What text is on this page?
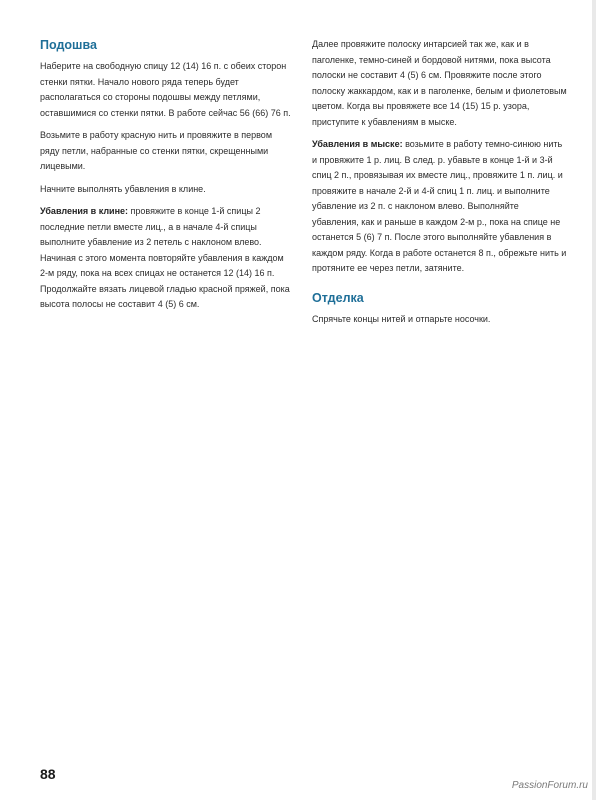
Подошва

Наберите на свободную спицу 12 (14) 16 п. с обеих сторон стенки пятки. Начало нового ряда теперь будет располагаться со стороны подошвы между петлями, оставшимися со стенки пятки. В работе сейчас 56 (66) 76 п.

Возьмите в работу красную нить и провяжите в первом ряду петли, набранные со стенки пятки, скрещенными лицевыми.

Начните выполнять убавления в клине.

Убавления в клине: провяжите в конце 1-й спицы 2 последние петли вместе лиц., а в начале 4-й спицы выполните убавление из 2 петель с наклоном влево. Начиная с этого момента повторяйте убавления в каждом 2-м ряду, пока на всех спицах не останется 12 (14) 16 п. Продолжайте вязать лицевой гладью красной пряжей, пока высота полосы не составит 4 (5) 6 см.

Далее провяжите полоску интарсией так же, как и в паголенке, темно-синей и бордовой нитями, пока высота полоски не составит 4 (5) 6 см. Провяжите после этого полоску жаккардом, как и в паголенке, белым и фиолетовым цветом. Когда вы провяжете все 14 (15) 15 р. узора, приступите к убавлениям в мыске.

Убавления в мыске: возьмите в работу темно-синюю нить и провяжите 1 р. лиц. В след. р. убавьте в конце 1-й и 3-й спиц 2 п., провязывая их вместе лиц., провяжите 1 п. лиц. и провяжите в начале 2-й и 4-й спиц 1 п. лиц. и выполните убавление из 2 п. с наклоном влево. Выполняйте убавления, как и раньше в каждом 2-м р., пока на спице не останется 5 (6) 7 п. После этого выполняйте убавления в каждом ряду. Когда в работе останется 8 п., обрежьте нить и протяните ее через петли, затяните.

Отделка

Спрячьте концы нитей и отпарьте носочки.

88
PassionForum.ru
